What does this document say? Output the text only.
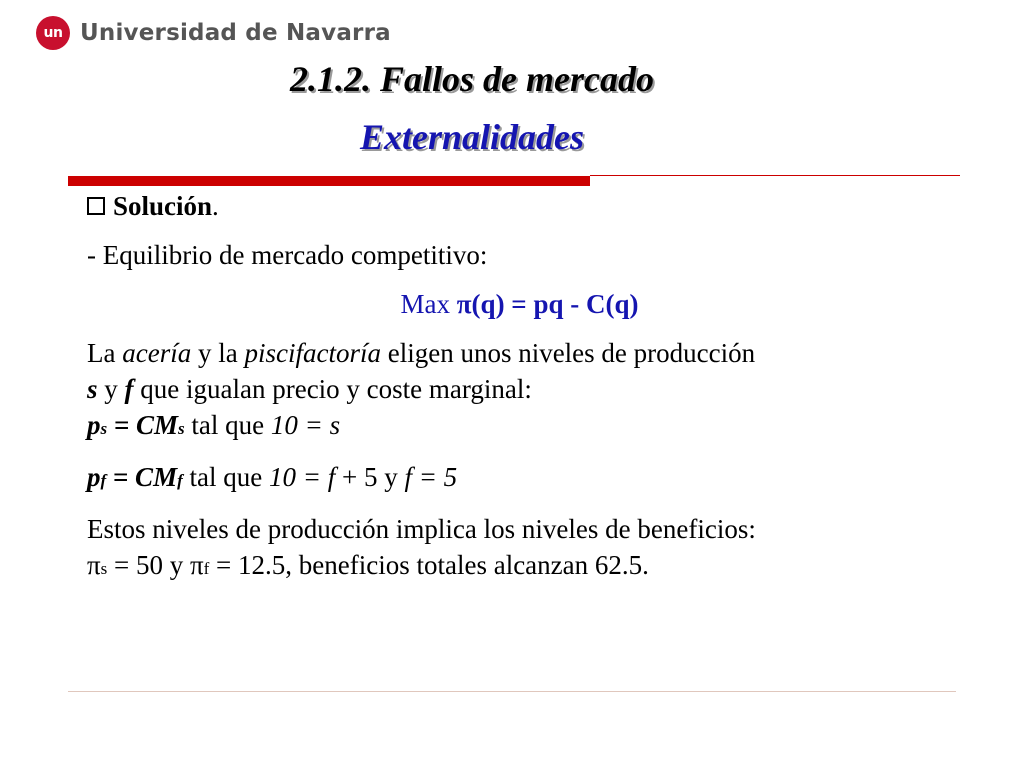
un Universidad de Navarra
2.1.2. Fallos de mercado
Externalidades
Solución.
- Equilibrio de mercado competitivo:
Max π(q) = pq - C(q)
La acería y la piscifactoría eligen unos niveles de producción
s y f que igualan precio y coste marginal:
ps = CMs tal que 10 = s
pf = CMf tal que 10 = f + 5 y f = 5
Estos niveles de producción implica los niveles de beneficios:
πs = 50 y πf = 12.5, beneficios totales alcanzan 62.5.
